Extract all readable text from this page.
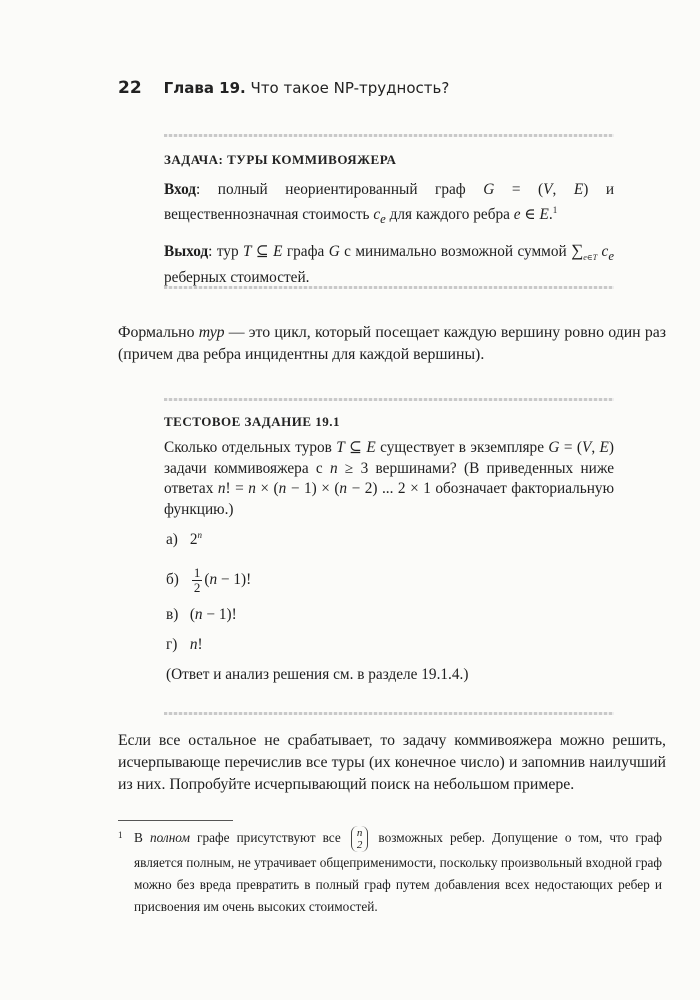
22 Глава 19. Что такое NP-трудность?
ЗАДАЧА: ТУРЫ КОММИВОЯЖЕРА
Вход: полный неориентированный граф G = (V, E) и вещественнозначная стоимость $c_e$ для каждого ребра e ∈ E.$^1$
Выход: тур T ⊆ E графа G с минимально возможной суммой $\sum_{e\in T}$ $c_e$ реберных стоимостей.
Формально тур — это цикл, который посещает каждую вершину ровно один раз (причем два ребра инцидентны для каждой вершины).
ТЕСТОВОЕ ЗАДАНИЕ 19.1
Сколько отдельных туров T ⊆ E существует в экземпляре G = (V, E) задачи коммивояжера с n ≥ 3 вершинами? (В приведенных ниже ответах n! = n × (n − 1) × (n − 2) ... 2 × 1 обозначает факториальную функцию.)
а) 2$^n$
$б) \frac{1}{2} (n - 1)$!
в) (n − 1)!
г) n!
(Ответ и анализ решения см. в разделе 19.1.4.)
Если все остальное не срабатывает, то задачу коммивояжера можно решить, исчерпывающе перечислив все туры (их конечное число) и запомнив наилучший из них. Попробуйте исчерпывающий поиск на небольшом примере.
1 В полном графе присутствуют все n
2 возможных ребер. Допущение о том, что граф является полным, не утрачивает общеприменимости, поскольку произвольный входной граф можно без вреда превратить в полный граф путем добавления всех недостающих ребер и присвоения им очень высоких стоимостей.
